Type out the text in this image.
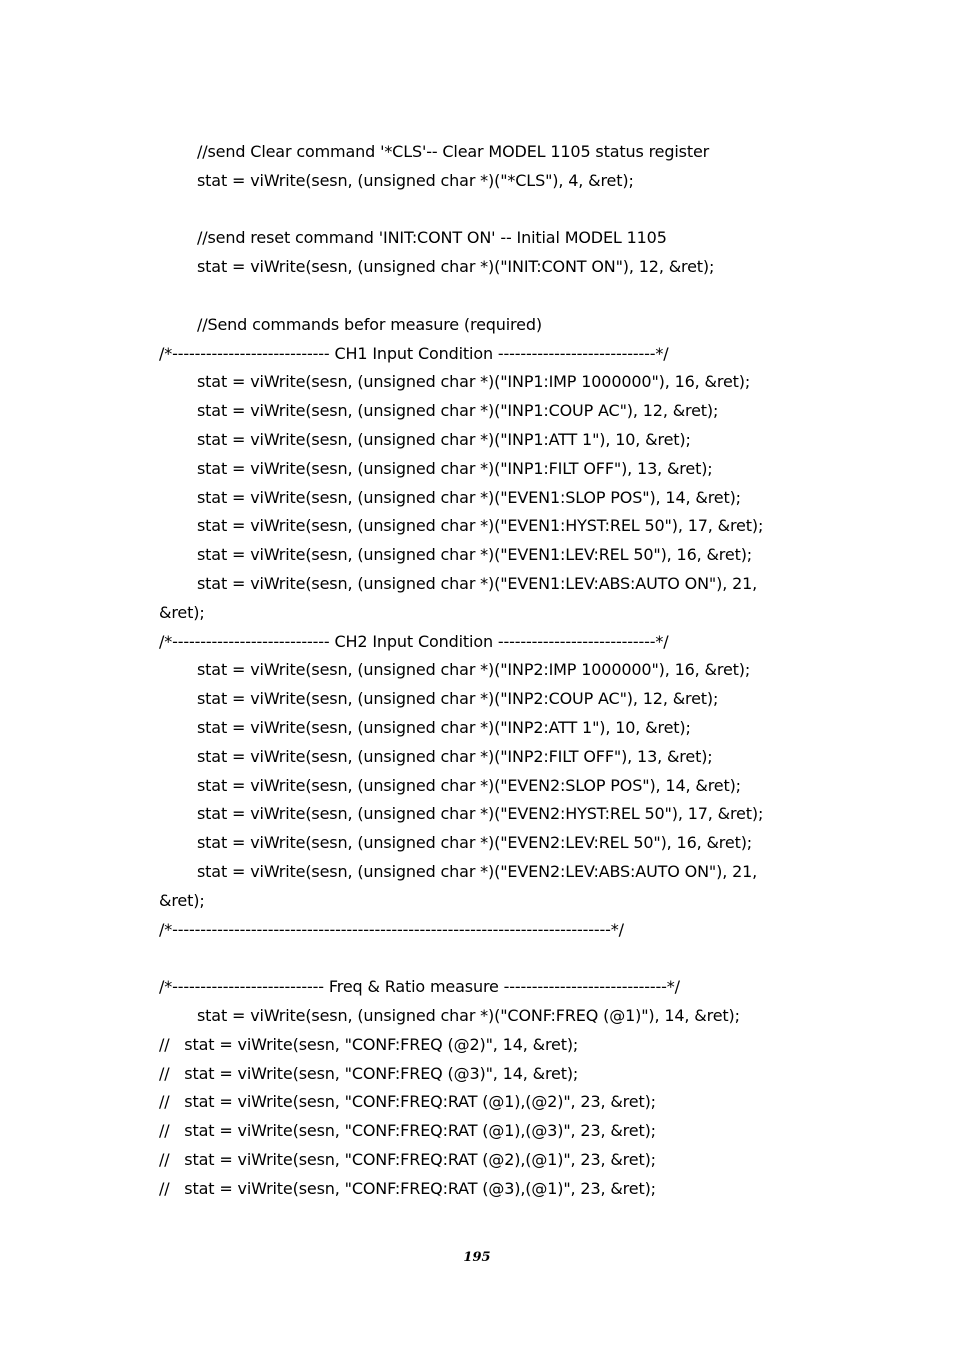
//send Clear command '*CLS'-- Clear MODEL 1105 status register
stat = viWrite(sesn, (unsigned char *)("*CLS"), 4, &ret);
//send reset command 'INIT:CONT ON' -- Initial MODEL 1105
stat = viWrite(sesn, (unsigned char *)("INIT:CONT ON"), 12, &ret);
//Send commands befor measure (required)
/*---------------------------- CH1 Input Condition ----------------------------*/
stat = viWrite(sesn, (unsigned char *)("INP1:IMP 1000000"), 16, &ret);
stat = viWrite(sesn, (unsigned char *)("INP1:COUP AC"), 12, &ret);
stat = viWrite(sesn, (unsigned char *)("INP1:ATT 1"), 10, &ret);
stat = viWrite(sesn, (unsigned char *)("INP1:FILT OFF"), 13, &ret);
stat = viWrite(sesn, (unsigned char *)("EVEN1:SLOP POS"), 14, &ret);
stat = viWrite(sesn, (unsigned char *)("EVEN1:HYST:REL 50"), 17, &ret);
stat = viWrite(sesn, (unsigned char *)("EVEN1:LEV:REL 50"), 16, &ret);
stat = viWrite(sesn, (unsigned char *)("EVEN1:LEV:ABS:AUTO ON"), 21,
&ret);
/*---------------------------- CH2 Input Condition ----------------------------*/
stat = viWrite(sesn, (unsigned char *)("INP2:IMP 1000000"), 16, &ret);
stat = viWrite(sesn, (unsigned char *)("INP2:COUP AC"), 12, &ret);
stat = viWrite(sesn, (unsigned char *)("INP2:ATT 1"), 10, &ret);
stat = viWrite(sesn, (unsigned char *)("INP2:FILT OFF"), 13, &ret);
stat = viWrite(sesn, (unsigned char *)("EVEN2:SLOP POS"), 14, &ret);
stat = viWrite(sesn, (unsigned char *)("EVEN2:HYST:REL 50"), 17, &ret);
stat = viWrite(sesn, (unsigned char *)("EVEN2:LEV:REL 50"), 16, &ret);
stat = viWrite(sesn, (unsigned char *)("EVEN2:LEV:ABS:AUTO ON"), 21,
&ret);
/*------------------------------------------------------------------------------*/
/*--------------------------- Freq & Ratio measure -----------------------------*/
stat = viWrite(sesn, (unsigned char *)("CONF:FREQ (@1)"), 14, &ret);
//   stat = viWrite(sesn, "CONF:FREQ (@2)", 14, &ret);
//   stat = viWrite(sesn, "CONF:FREQ (@3)", 14, &ret);
//   stat = viWrite(sesn, "CONF:FREQ:RAT (@1),(@2)", 23, &ret);
//   stat = viWrite(sesn, "CONF:FREQ:RAT (@1),(@3)", 23, &ret);
//   stat = viWrite(sesn, "CONF:FREQ:RAT (@2),(@1)", 23, &ret);
//   stat = viWrite(sesn, "CONF:FREQ:RAT (@3),(@1)", 23, &ret);
195
